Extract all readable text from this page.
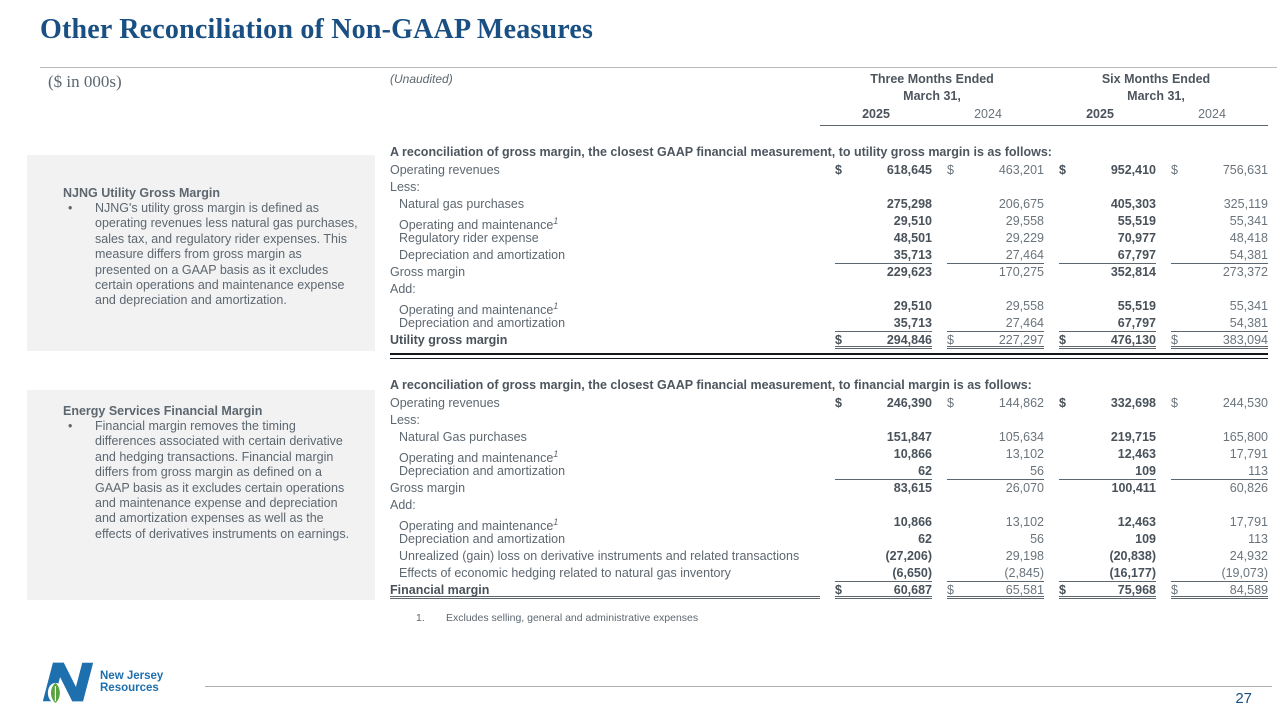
Other Reconciliation of Non-GAAP Measures
($ in 000s)	(Unaudited)	Three Months Ended
March 31,
2025	2024
Six Months Ended
March 31,
2025	2024
NJNG Utility Gross Margin
•	NJNG's utility gross margin is defined as operating revenues less natural gas purchases, sales tax, and regulatory rider expenses. This measure differs from gross margin as presented on a GAAP basis as it excludes certain operations and maintenance expense and depreciation and amortization.
Energy Services Financial Margin
•	Financial margin removes the timing differences associated with certain derivative and hedging transactions. Financial margin differs from gross margin as defined on a GAAP basis as it excludes certain operations and maintenance expense and depreciation and amortization expenses as well as the effects of derivatives instruments on earnings.
A reconciliation of gross margin, the closest GAAP financial measurement, to utility gross margin is as follows:
Operating revenues	$	618,645 $	463,201 $	952,410 $	756,631
Less:
Natural gas purchases	275,298	206,675	405,303	325,119
Operating and maintenance$^1$	29,510	29,558	55,519	55,341
Regulatory rider expense	48,501	29,229	70,977	48,418
Depreciation and amortization	35,713	27,464	67,797	54,381
Gross margin	229,623	170,275	352,814	273,372
Add:
Operating and maintenance$^1$	29,510	29,558	55,519	55,341
Depreciation and amortization	35,713	27,464	67,797	54,381
Utility gross margin	$	294,846 $	227,297 $	476,130 $	383,094
A reconciliation of gross margin, the closest GAAP financial measurement, to financial margin is as follows:
Operating revenues	$	246,390 $	144,862 $	332,698 $	244,530
Less:
Natural Gas purchases	151,847	105,634	219,715	165,800
Operating and maintenance$^1$	10,866	13,102	12,463	17,791
Depreciation and amortization	62	56	109	113
Gross margin	83,615	26,070	100,411	60,826
Add:
Operating and maintenance$^1$	10,866	13,102	12,463	17,791
Depreciation and amortization	62	56	109	113
Unrealized (gain) loss on derivative instruments and related transactions	(27,206)	29,198	(20,838)	24,932
Effects of economic hedging related to natural gas inventory	(6,650)	(2,845)	(16,177)	(19,073)
Financial margin	$	60,687 $	65,581 $	75,968 $	84,589
1.	Excludes selling, general and administrative expenses
New Jersey
Resources
27
